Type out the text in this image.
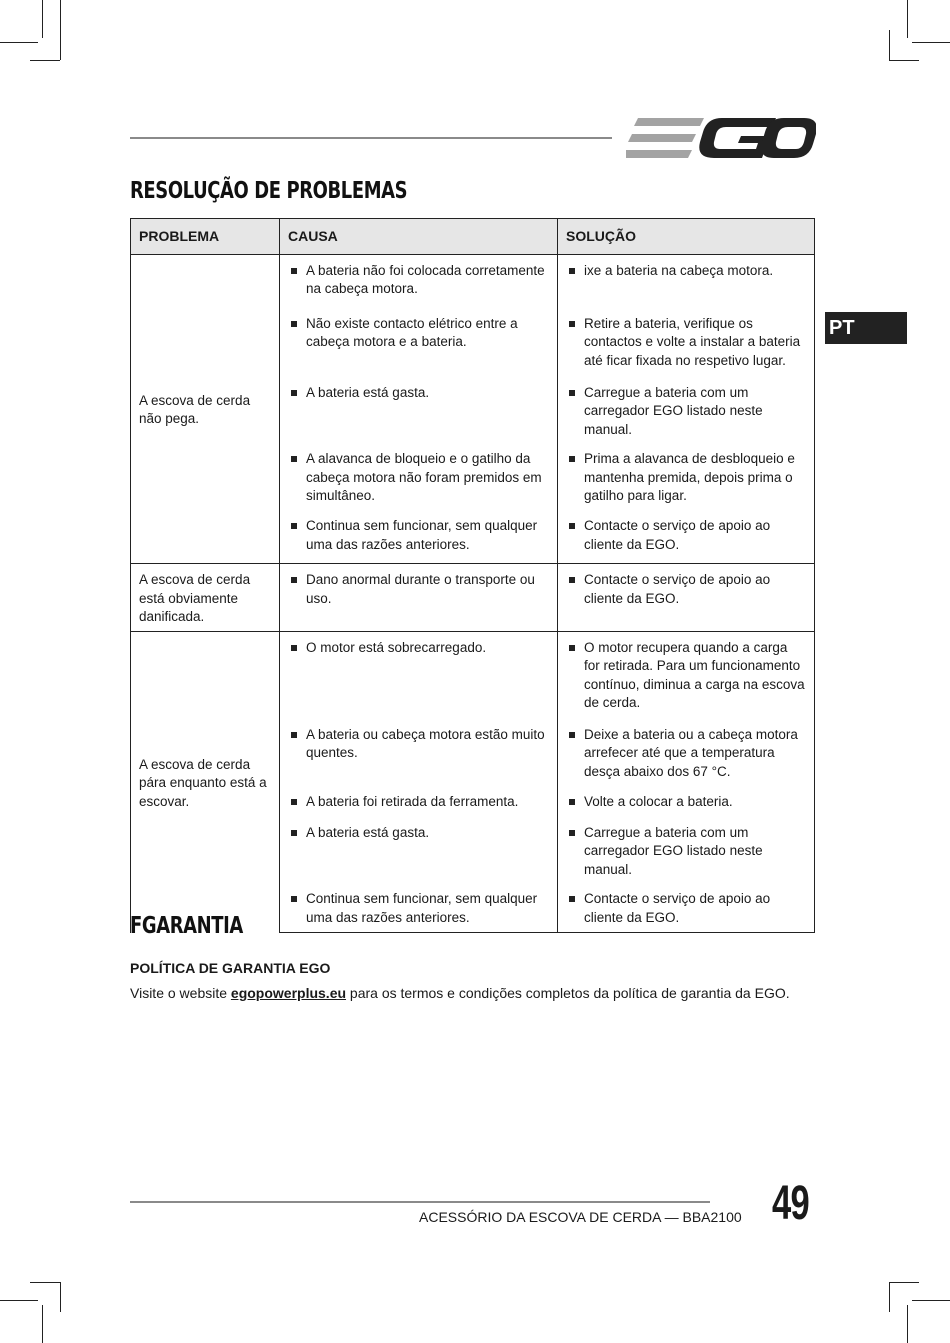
RESOLUÇÃO DE PROBLEMAS
PT
PROBLEMA	CAUSA	SOLUÇÃO
A escova de cerda não pega.	A bateria não foi colocada corretamente na cabeça motora.	ixe a bateria na cabeça motora.

	Não existe contacto elétrico entre a cabeça motora e a bateria.	Retire a bateria, verifique os contactos e volte a instalar a bateria até ficar fixada no respetivo lugar.

	A bateria está gasta.	Carregue a bateria com um carregador EGO listado neste manual.

	A alavanca de bloqueio e o gatilho da cabeça motora não foram premidos em simultâneo.	Prima a alavanca de desbloqueio e mantenha premida, depois prima o gatilho para ligar.

	Continua sem funcionar, sem qualquer uma das razões anteriores.	Contacte o serviço de apoio ao cliente da EGO.

A escova de cerda está obviamente danificada.	Dano anormal durante o transporte ou uso.	Contacte o serviço de apoio ao cliente da EGO.

A escova de cerda pára enquanto está a escovar.	O motor está sobrecarregado.	O motor recupera quando a carga for retirada. Para um funcionamento contínuo, diminua a carga na escova de cerda.

	A bateria ou cabeça motora estão muito quentes.	Deixe a bateria ou a cabeça motora arrefecer até que a temperatura desça abaixo dos 67 °C.

	A bateria foi retirada da ferramenta.	Volte a colocar a bateria.

	A bateria está gasta.	Carregue a bateria com um carregador EGO listado neste manual.

	Continua sem funcionar, sem qualquer uma das razões anteriores.	Contacte o serviço de apoio ao cliente da EGO.
FGARANTIA

POLÍTICA DE GARANTIA EGO

Visite o website egopowerplus.eu para os termos e condições completos da política de garantia da EGO.

ACESSÓRIO DA ESCOVA DE CERDA — BBA2100 49
